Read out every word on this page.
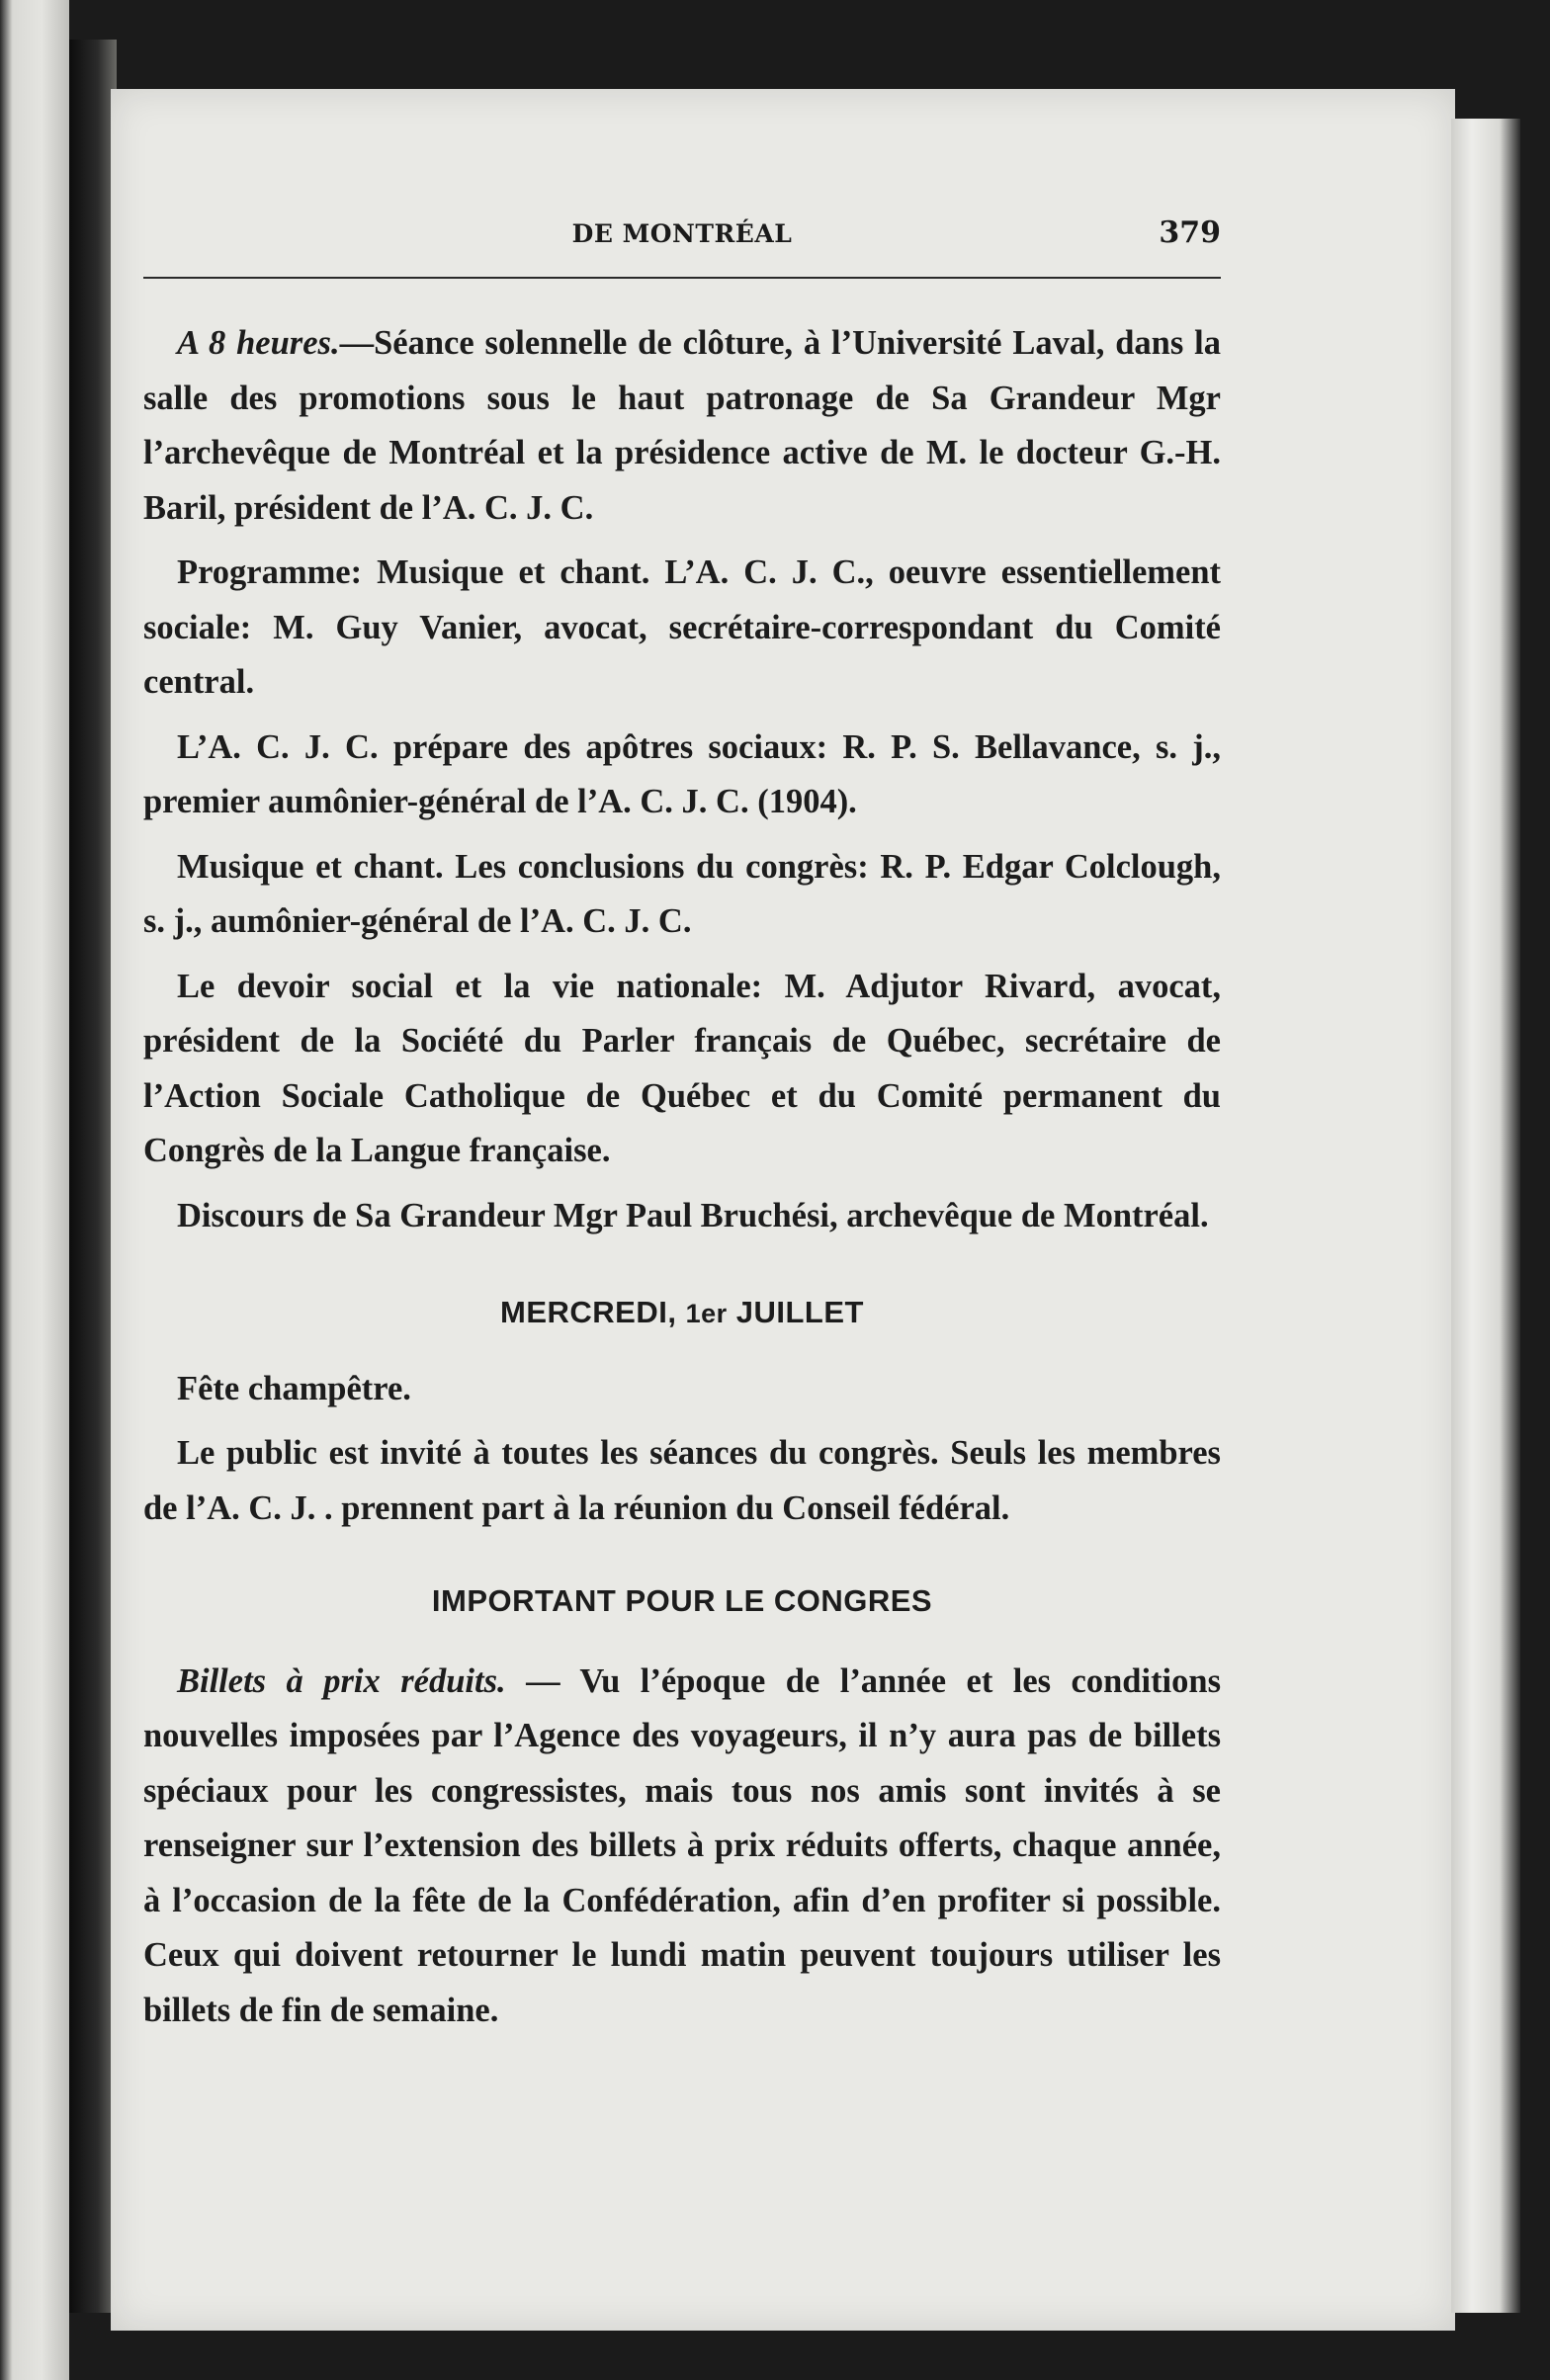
DE MONTRÉAL	379

A 8 heures.—Séance solennelle de clôture, à l’Université Laval, dans la salle des promotions sous le haut patronage de Sa Grandeur Mgr l’archevêque de Montréal et la présidence active de M. le docteur G.-H. Baril, président de l’A. C. J. C.

Programme: Musique et chant. L’A. C. J. C., oeuvre essentiellement sociale: M. Guy Vanier, avocat, secrétaire-correspondant du Comité central.

L’A. C. J. C. prépare des apôtres sociaux: R. P. S. Bellavance, s. j., premier aumônier-général de l’A. C. J. C. (1904).

Musique et chant. Les conclusions du congrès: R. P. Edgar Colclough, s. j., aumônier-général de l’A. C. J. C.

Le devoir social et la vie nationale: M. Adjutor Rivard, avocat, président de la Société du Parler français de Québec, secrétaire de l’Action Sociale Catholique de Québec et du Comité permanent du Congrès de la Langue française.

Discours de Sa Grandeur Mgr Paul Bruchési, archevêque de Montréal.

MERCREDI, 1er JUILLET

Fête champêtre.

Le public est invité à toutes les séances du congrès. Seuls les membres de l’A. C. J. . prennent part à la réunion du Conseil fédéral.

IMPORTANT POUR LE CONGRES

Billets à prix réduits. — Vu l’époque de l’année et les conditions nouvelles imposées par l’Agence des voyageurs, il n’y aura pas de billets spéciaux pour les congressistes, mais tous nos amis sont invités à se renseigner sur l’extension des billets à prix réduits offerts, chaque année, à l’occasion de la fête de la Confédération, afin d’en profiter si possible. Ceux qui doivent retourner le lundi matin peuvent toujours utiliser les billets de fin de semaine.
